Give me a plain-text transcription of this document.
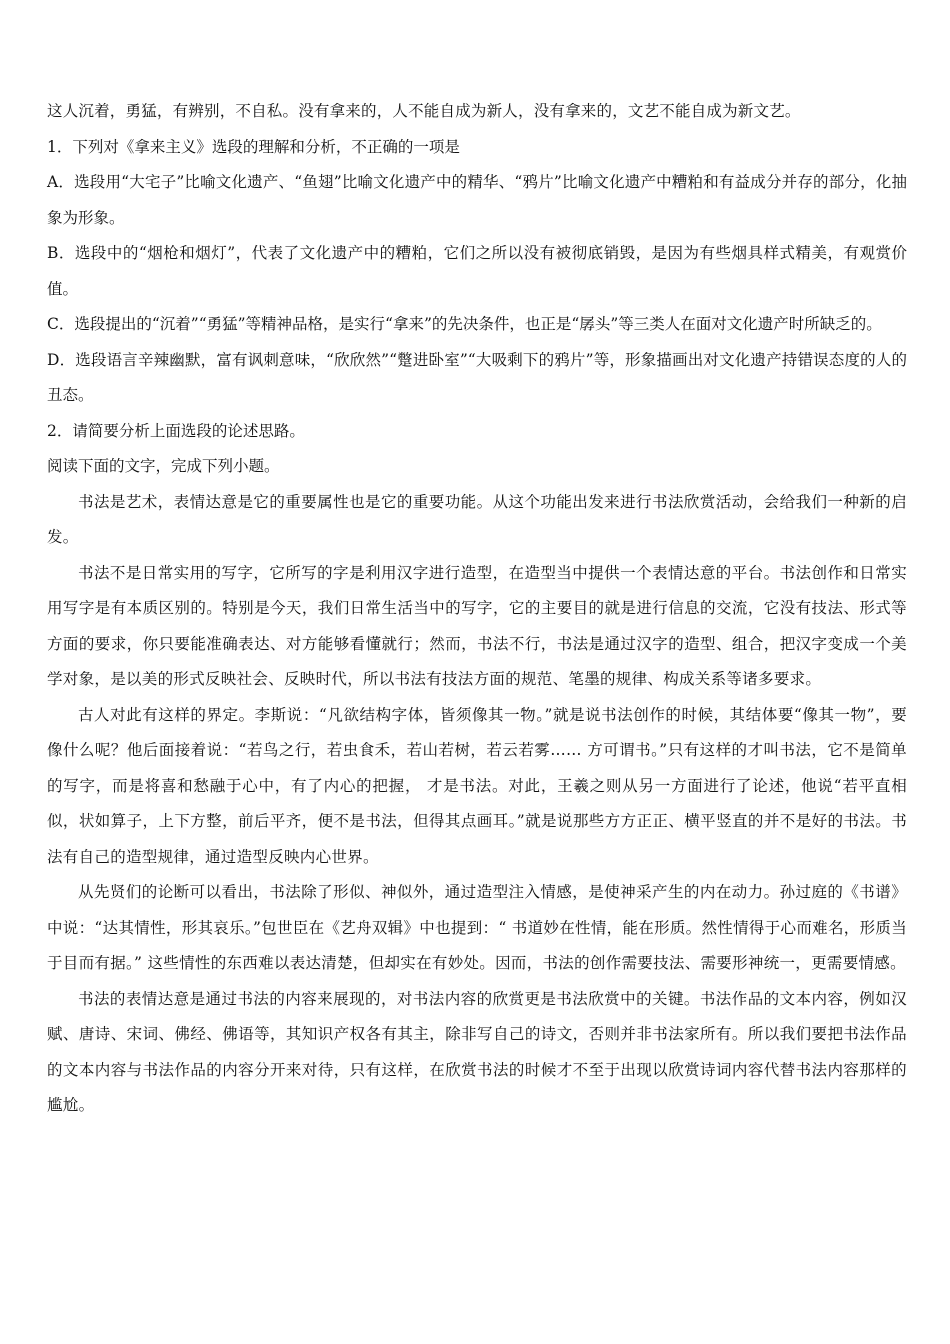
这人沉着，勇猛，有辨别，不自私。没有拿来的，人不能自成为新人，没有拿来的，文艺不能自成为新文艺。

1．下列对《拿来主义》选段的理解和分析，不正确的一项是

A．选段用“大宅子”比喻文化遗产、“鱼翅”比喻文化遗产中的精华、“鸦片”比喻文化遗产中糟粕和有益成分并存的部分，化抽象为形象。

B．选段中的“烟枪和烟灯”，代表了文化遗产中的糟粕，它们之所以没有被彻底销毁，是因为有些烟具样式精美，有观赏价值。

C．选段提出的“沉着”“勇猛”等精神品格，是实行“拿来”的先决条件，也正是“孱头”等三类人在面对文化遗产时所缺乏的。

D．选段语言辛辣幽默，富有讽刺意味，“欣欣然”“蹩进卧室”“大吸剩下的鸦片”等，形象描画出对文化遗产持错误态度的人的丑态。

2．请简要分析上面选段的论述思路。

阅读下面的文字，完成下列小题。

书法是艺术，表情达意是它的重要属性也是它的重要功能。从这个功能出发来进行书法欣赏活动，会给我们一种新的启发。

书法不是日常实用的写字，它所写的字是利用汉字进行造型，在造型当中提供一个表情达意的平台。书法创作和日常实用写字是有本质区别的。特别是今天，我们日常生活当中的写字，它的主要目的就是进行信息的交流，它没有技法、形式等方面的要求，你只要能准确表达、对方能够看懂就行；然而，书法不行，书法是通过汉字的造型、组合，把汉字变成一个美学对象，是以美的形式反映社会、反映时代，所以书法有技法方面的规范、笔墨的规律、构成关系等诸多要求。

古人对此有这样的界定。李斯说：“凡欲结构字体，皆须像其一物。”就是说书法创作的时候，其结体要“像其一物”，要像什么呢？他后面接着说：“若鸟之行，若虫食禾，若山若树，若云若雾…… 方可谓书。”只有这样的才叫书法，它不是简单的写字，而是将喜和愁融于心中，有了内心的把握， 才是书法。对此，王羲之则从另一方面进行了论述，他说“若平直相似，状如算子，上下方整，前后平齐，便不是书法，但得其点画耳。”就是说那些方方正正、横平竖直的并不是好的书法。书法有自己的造型规律，通过造型反映内心世界。

从先贤们的论断可以看出，书法除了形似、神似外，通过造型注入情感，是使神采产生的内在动力。孙过庭的《书谱》中说：“达其情性，形其哀乐。”包世臣在《艺舟双辑》中也提到：“ 书道妙在性情，能在形质。然性情得于心而难名，形质当于目而有据。” 这些情性的东西难以表达清楚，但却实在有妙处。因而，书法的创作需要技法、需要形神统一，更需要情感。

书法的表情达意是通过书法的内容来展现的，对书法内容的欣赏更是书法欣赏中的关键。书法作品的文本内容，例如汉赋、唐诗、宋词、佛经、佛语等，其知识产权各有其主，除非写自己的诗文，否则并非书法家所有。所以我们要把书法作品的文本内容与书法作品的内容分开来对待，只有这样，在欣赏书法的时候才不至于出现以欣赏诗词内容代替书法内容那样的尴尬。
